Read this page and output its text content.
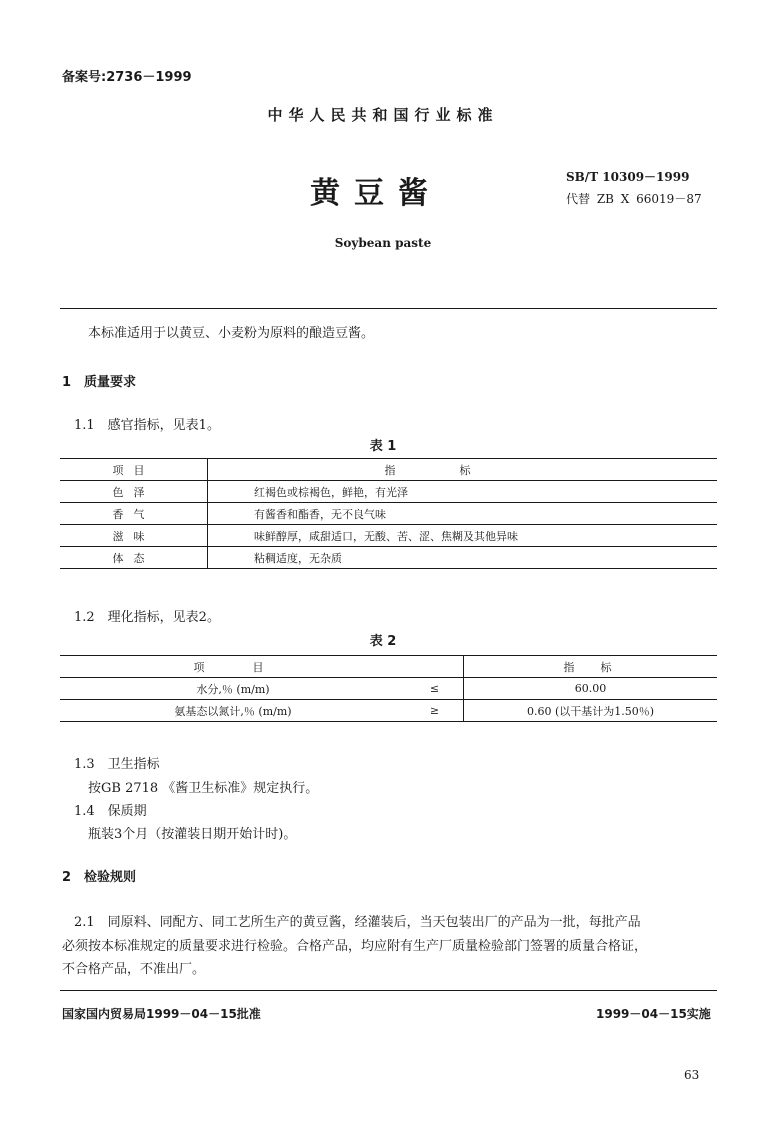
备案号:2736－1999
中华人民共和国行业标准
黄豆酱	SB/T 10309－1999
代替 ZB X 66019－87
Soybean paste
本标准适用于以黄豆、小麦粉为原料的酿造豆酱。
1　质量要求
1.1　感官指标，见表1。
表 1
项目	指标
色泽	红褐色或棕褐色，鲜艳，有光泽
香气	有酱香和酯香，无不良气味
滋味	味鲜醇厚，咸甜适口，无酸、苦、涩、焦糊及其他异味
体态	粘稠适度，无杂质
1.2　理化指标，见表2。
表 2
项目		指标
水分,％ (m/m)	≤	60.00
氨基态以氮计,％ (m/m)	≥	0.60 (以干基计为1.50％)
1.3　卫生指标
按GB 2718 《酱卫生标准》规定执行。
1.4　保质期
瓶装3个月（按灌装日期开始计时)。
2　检验规则
2.1　同原料、同配方、同工艺所生产的黄豆酱，经灌装后，当天包装出厂的产品为一批，每批产品
必须按本标准规定的质量要求进行检验。合格产品，均应附有生产厂质量检验部门签署的质量合格证，
不合格产品，不准出厂。
国家国内贸易局1999－04－15批准	1999－04－15实施
63
